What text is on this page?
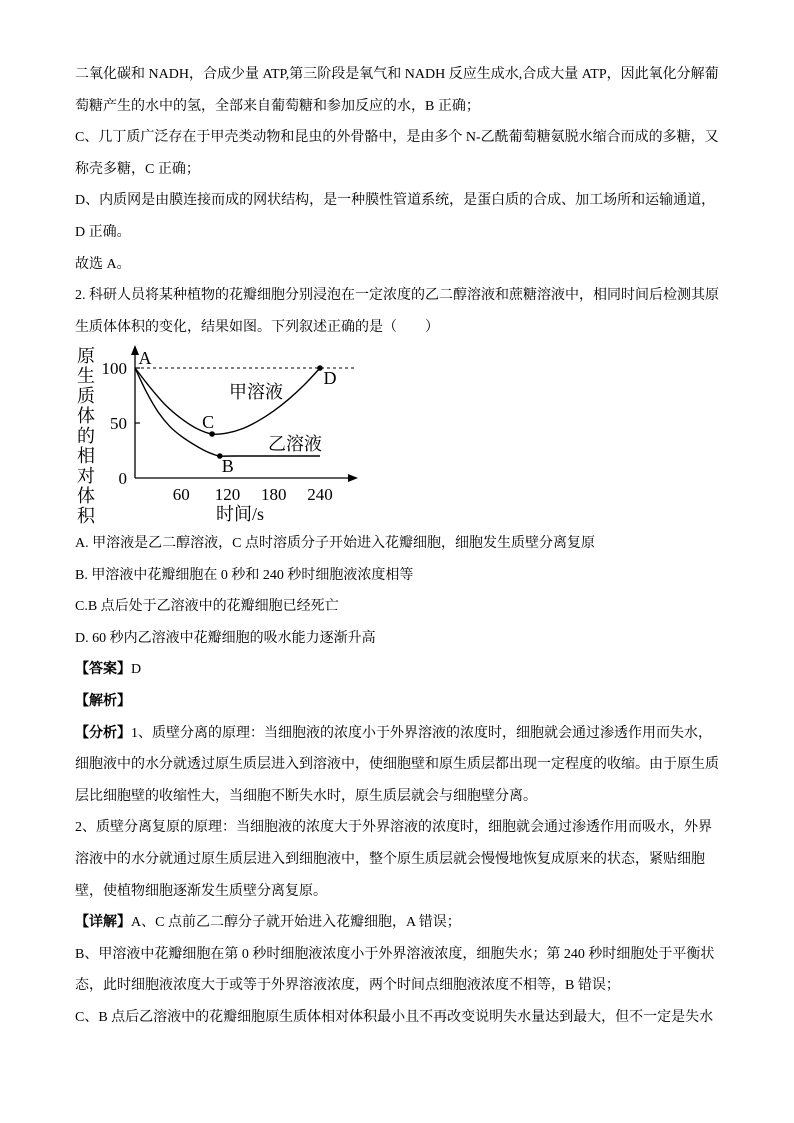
二氧化碳和 NADH，合成少量 ATP,第三阶段是氧气和 NADH 反应生成水,合成大量 ATP，因此氧化分解葡
萄糖产生的水中的氢，全部来自葡萄糖和参加反应的水，B 正确；
C、几丁质广泛存在于甲壳类动物和昆虫的外骨骼中，是由多个 N-乙酰葡萄糖氨脱水缩合而成的多糖，又
称壳多糖，C 正确；
D、内质网是由膜连接而成的网状结构，是一种膜性管道系统，是蛋白质的合成、加工场所和运输通道，
D 正确。
故选 A。
2. 科研人员将某种植物的花瓣细胞分别浸泡在一定浓度的乙二醇溶液和蔗糖溶液中，相同时间后检测其原
生质体体积的变化，结果如图。下列叙述正确的是（　　）
原生质体的相对体积 0
50
100
60 120 180 240
时间/s
甲溶液
乙溶液
A
C
B
D
A. 甲溶液是乙二醇溶液，C 点时溶质分子开始进入花瓣细胞，细胞发生质壁分离复原
B. 甲溶液中花瓣细胞在 0 秒和 240 秒时细胞液浓度相等
C.B 点后处于乙溶液中的花瓣细胞已经死亡
D. 60 秒内乙溶液中花瓣细胞的吸水能力逐渐升高
【答案】D
【解析】
【分析】1、质壁分离的原理：当细胞液的浓度小于外界溶液的浓度时，细胞就会通过渗透作用而失水，
细胞液中的水分就透过原生质层进入到溶液中，使细胞壁和原生质层都出现一定程度的收缩。由于原生质
层比细胞壁的收缩性大，当细胞不断失水时，原生质层就会与细胞壁分离。
2、质壁分离复原的原理：当细胞液的浓度大于外界溶液的浓度时，细胞就会通过渗透作用而吸水，外界
溶液中的水分就通过原生质层进入到细胞液中，整个原生质层就会慢慢地恢复成原来的状态，紧贴细胞
壁，使植物细胞逐渐发生质壁分离复原。
【详解】A、C 点前乙二醇分子就开始进入花瓣细胞，A 错误；
B、甲溶液中花瓣细胞在第 0 秒时细胞液浓度小于外界溶液浓度，细胞失水；第 240 秒时细胞处于平衡状
态，此时细胞液浓度大于或等于外界溶液浓度，两个时间点细胞液浓度不相等，B 错误；
C、B 点后乙溶液中的花瓣细胞原生质体相对体积最小且不再改变说明失水量达到最大，但不一定是失水
